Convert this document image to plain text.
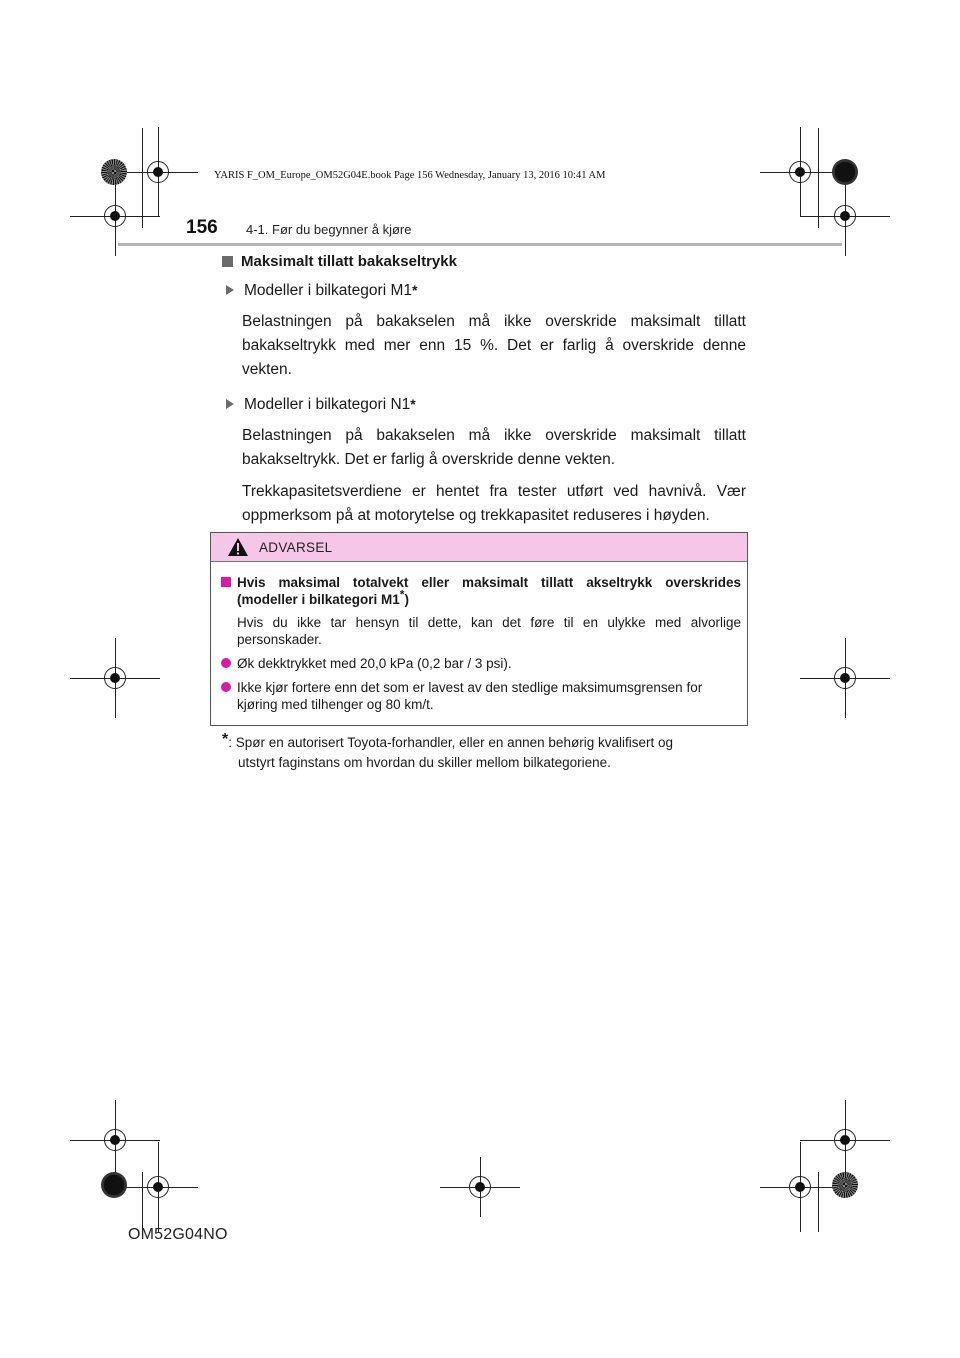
YARIS F_OM_Europe_OM52G04E.book Page 156 Wednesday, January 13, 2016 10:41 AM
156 4-1. Før du begynner å kjøre
Maksimalt tillatt bakakseltrykk
Modeller i bilkategori M1 *

Belastningen på bakakselen må ikke overskride maksimalt tillatt bakakseltrykk med mer enn 15 %. Det er farlig å overskride denne vekten.

Modeller i bilkategori N1 *

Belastningen på bakakselen må ikke overskride maksimalt tillatt bakakseltrykk. Det er farlig å overskride denne vekten.

Trekkapasitetsverdiene er hentet fra tester utført ved havnivå. Vær oppmerksom på at motorytelse og trekkapasitet reduseres i høyden.

ADVARSEL
Hvis maksimal totalvekt eller maksimalt tillatt akseltrykk overskrides (modeller i bilkategori M1*)

Hvis du ikke tar hensyn til dette, kan det føre til en ulykke med alvorlige personskader.

Øk dekktrykket med 20,0 kPa (0,2 bar / 3 psi).
Ikke kjør fortere enn det som er lavest av den stedlige maksimumsgrensen for kjøring med tilhenger og 80 km/t.
*: Spør en autorisert Toyota-forhandler, eller en annen behørig kvalifisert og
utstyrt faginstans om hvordan du skiller mellom bilkategoriene.
OM52G04NO
